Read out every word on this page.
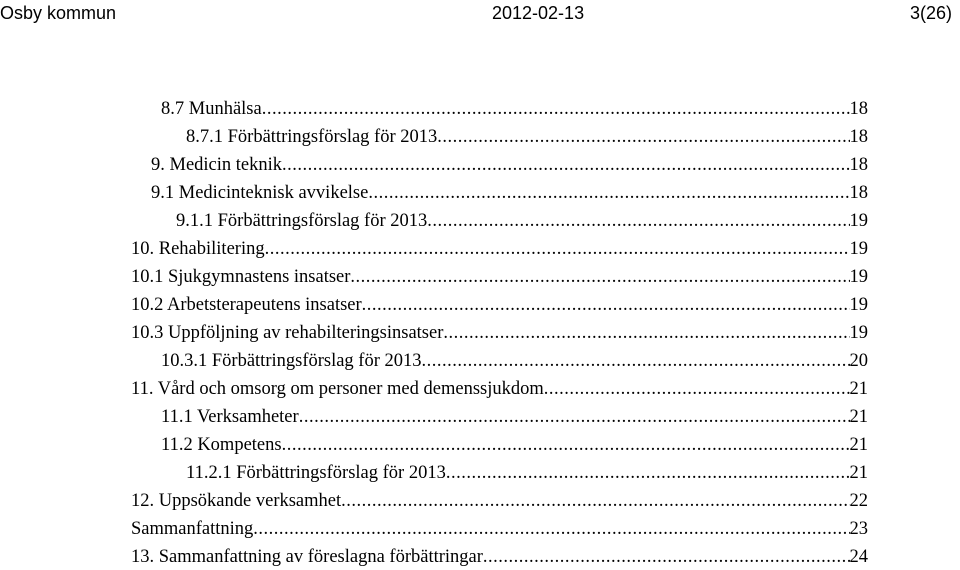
Osby kommun	2012-02-13	3(26)
8.7 Munhälsa .....	18
8.7.1 Förbättringsförslag för 2013 .....	18
9. Medicin teknik .....	18
9.1 Medicinteknisk avvikelse .....	18
9.1.1 Förbättringsförslag för 2013 .....	19
10. Rehabilitering .....	19
10.1 Sjukgymnastens insatser .....	19
10.2 Arbetsterapeutens insatser .....	19
10.3 Uppföljning av rehabilteringsinsatser .....	19
10.3.1 Förbättringsförslag för 2013 .....	20
11. Vård och omsorg om personer med demenssjukdom .....	21
11.1 Verksamheter .....	21
11.2 Kompetens .....	21
11.2.1 Förbättringsförslag för 2013 .....	21
12. Uppsökande verksamhet .....	22
Sammanfattning .....	23
13. Sammanfattning av föreslagna förbättringar .....	24
